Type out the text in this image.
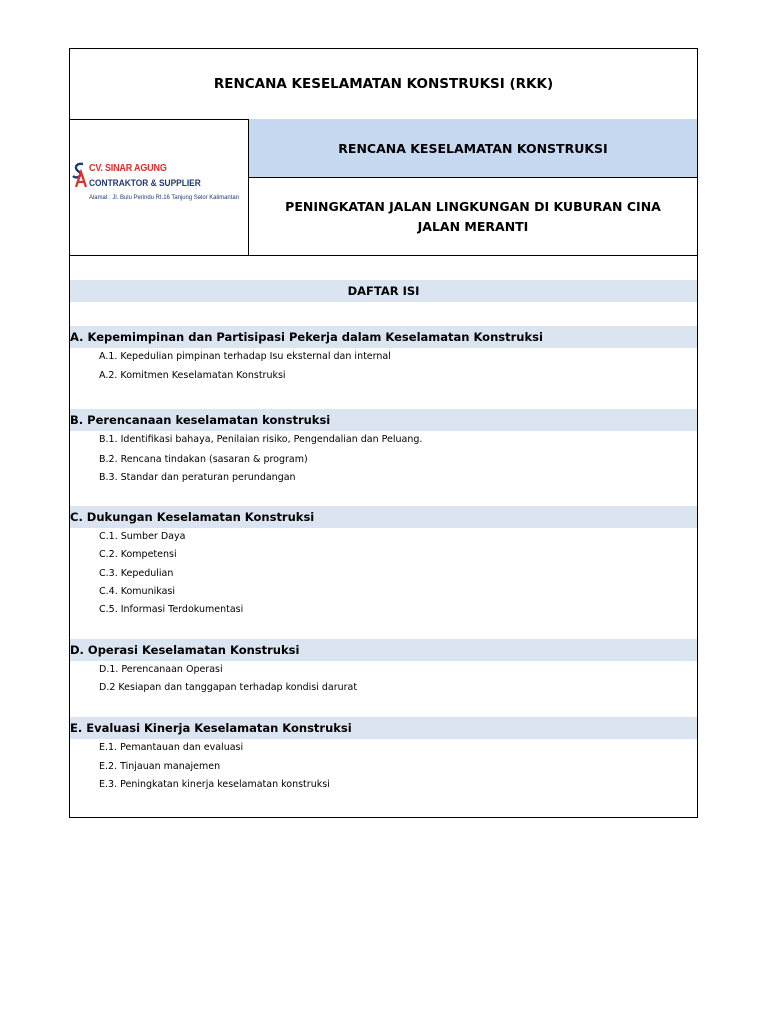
RENCANA KESELAMATAN KONSTRUKSI (RKK)
CV. SINAR AGUNG
CONTRAKTOR & SUPPLIER
Alamat : Jl. Bulu Perindu Rt.16 Tanjung Selor Kalimantan
RENCANA KESELAMATAN KONSTRUKSI
PENINGKATAN JALAN LINGKUNGAN DI KUBURAN CINA
JALAN MERANTI
DAFTAR ISI
A. Kepemimpinan dan Partisipasi Pekerja dalam Keselamatan Konstruksi
A.1. Kepedulian pimpinan terhadap Isu eksternal dan internal
A.2. Komitmen Keselamatan Konstruksi
B. Perencanaan keselamatan konstruksi
B.1. Identifikasi bahaya, Penilaian risiko, Pengendalian dan Peluang.
B.2. Rencana tindakan (sasaran & program)
B.3. Standar dan peraturan perundangan
C. Dukungan Keselamatan Konstruksi
C.1. Sumber Daya
C.2. Kompetensi
C.3. Kepedulian
C.4. Komunikasi
C.5. Informasi Terdokumentasi
D. Operasi Keselamatan Konstruksi
D.1. Perencanaan Operasi
D.2 Kesiapan dan tanggapan terhadap kondisi darurat
E. Evaluasi Kinerja Keselamatan Konstruksi
E.1. Pemantauan dan evaluasi
E.2. Tinjauan manajemen
E.3. Peningkatan kinerja keselamatan konstruksi
